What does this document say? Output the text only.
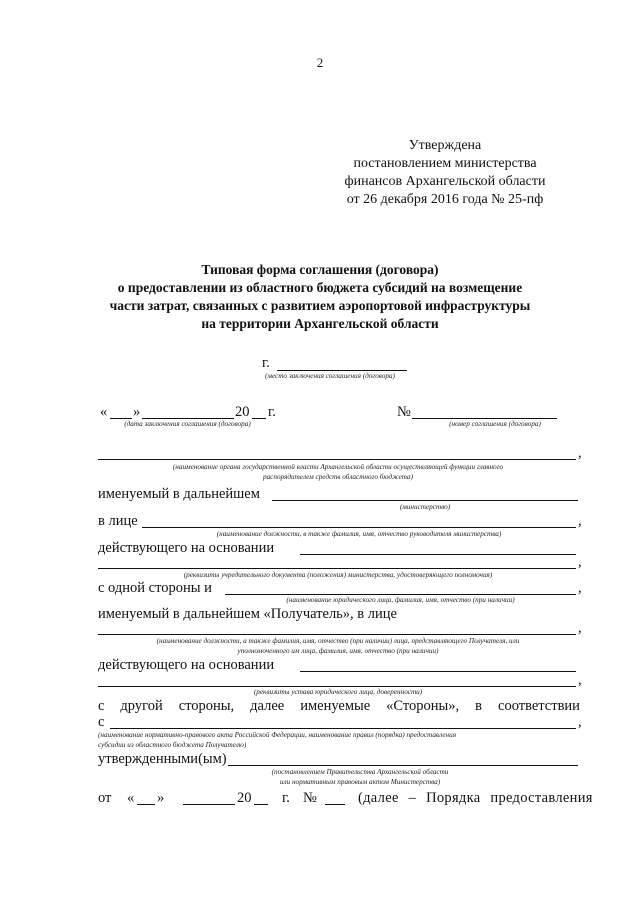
2
Утверждена
постановлением министерства
финансов Архангельской области
от 26 декабря 2016 года № 25-пф
Типовая форма соглашения (договора)
о предоставлении из областного бюджета субсидий на возмещение
части затрат, связанных с развитием аэропортовой инфраструктуры
на территории Архангельской области
г.
(место заключения соглашения (договора)
« »	20 г.
(дата заключения соглашения (договора)
№
(номер соглашения (договора)
,
(наименование органа государственной власти Архангельской области осуществляющей функции главного
распорядителем средств областного бюджета)
именуемый в дальнейшем
(министерство)
в лице	,
(наименование должности, в также фамилия, имя, отчество руководителя министерства)
действующего на основании
,
(реквизиты учредительного документа (положения) министерства, удостоверяющего полномочия)
с одной стороны и	,
(наименование юридического лица, фамилия, имя, отчество (при наличии)
именуемый в дальнейшем «Получатель», в лице
,
(наименование должности, а также фамилия, имя, отчество (при наличии) лица, представляющего Получателя, или
уполномоченного им лица, фамилия, имя, отчество (при наличии)
действующего на основании
,
(реквизиты устава юридического лица, доверенности)
с другой стороны, далее именуемые «Стороны», в соответствии
с	,
(наименование нормативно-правового акта Российской Федерации, наименование правил (порядка) предоставления
субсидии из областного бюджета Получателю)
утвержденными(ым)
(постановлением Правительства Архангельской области
или нормативным правовым актом Министерства)
от « »	20 г. №	(далее – Порядка предоставления
